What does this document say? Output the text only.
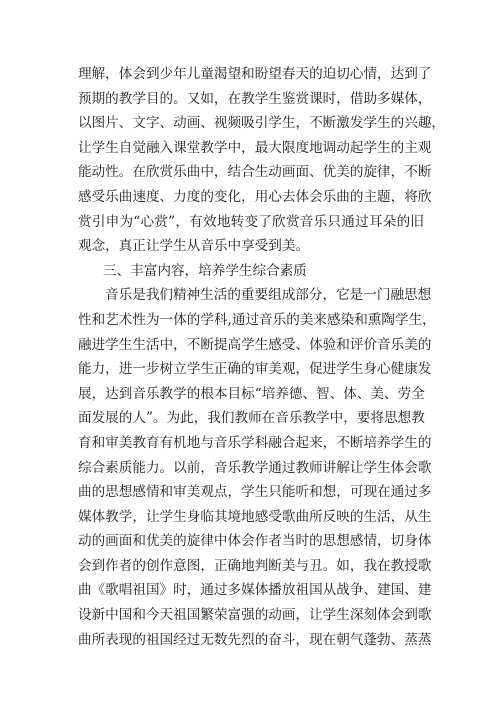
理解，体会到少年儿童渴望和盼望春天的迫切心情，达到了
预期的教学目的。又如，在教学生鉴赏课时，借助多媒体，
以图片、文字、动画、视频吸引学生，不断激发学生的兴趣，
让学生自觉融入课堂教学中，最大限度地调动起学生的主观
能动性。在欣赏乐曲中，结合生动画面、优美的旋律，不断
感受乐曲速度、力度的变化，用心去体会乐曲的主题，将欣
赏引申为“心赏”，有效地转变了欣赏音乐只通过耳朵的旧
观念，真正让学生从音乐中享受到美。
三、丰富内容，培养学生综合素质
音乐是我们精神生活的重要组成部分，它是一门融思想
性和艺术性为一体的学科,通过音乐的美来感染和熏陶学生，
融进学生生活中，不断提高学生感受、体验和评价音乐美的
能力，进一步树立学生正确的审美观，促进学生身心健康发
展，达到音乐教学的根本目标“培养德、智、体、美、劳全
面发展的人”。为此，我们教师在音乐教学中，要将思想教
育和审美教育有机地与音乐学科融合起来，不断培养学生的
综合素质能力。以前，音乐教学通过教师讲解让学生体会歌
曲的思想感情和审美观点，学生只能听和想，可现在通过多
媒体教学，让学生身临其境地感受歌曲所反映的生活，从生
动的画面和优美的旋律中体会作者当时的思想感情，切身体
会到作者的创作意图，正确地判断美与丑。如，我在教授歌
曲《歌唱祖国》时，通过多媒体播放祖国从战争、建国、建
设新中国和今天祖国繁荣富强的动画，让学生深刻体会到歌
曲所表现的祖国经过无数先烈的奋斗，现在朝气蓬勃、蒸蒸
